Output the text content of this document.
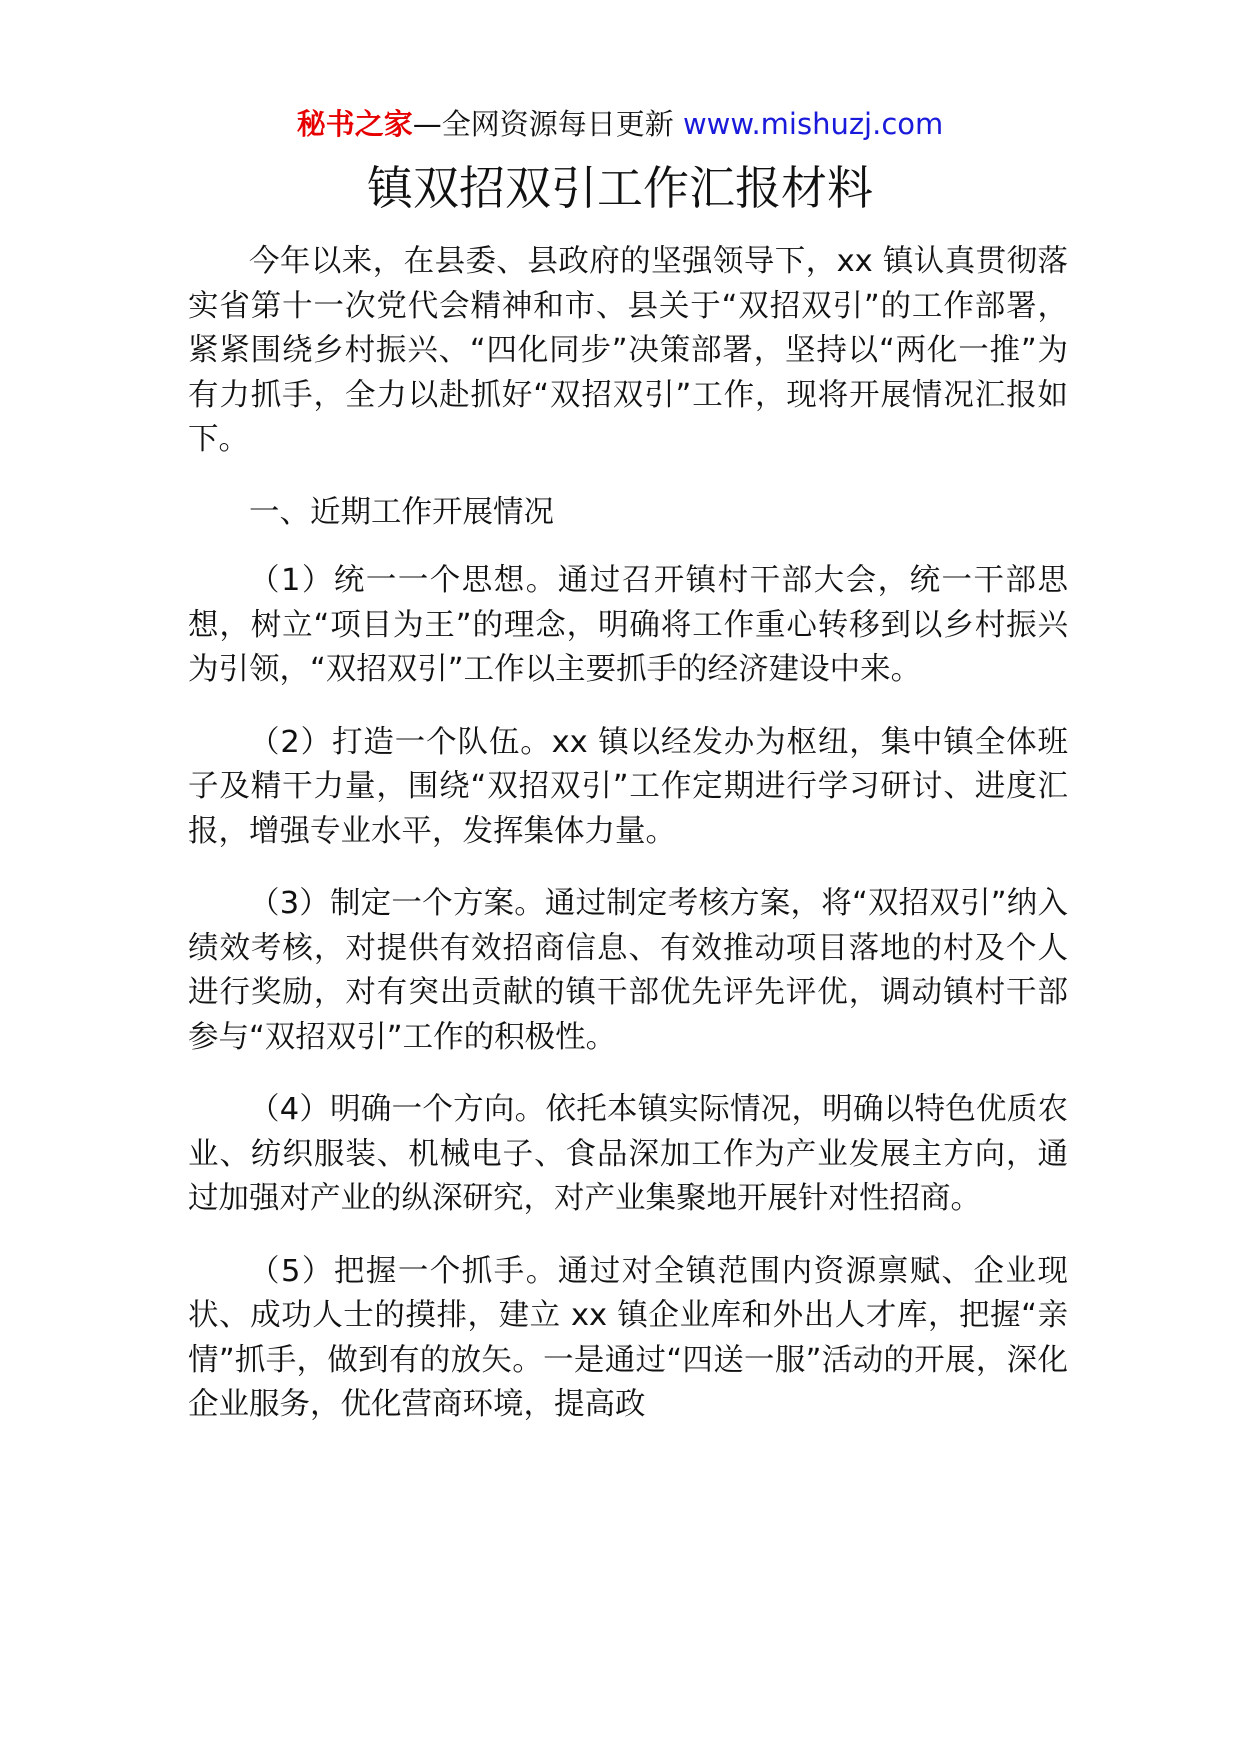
秘书之家—全网资源每日更新 www.mishuzj.com
镇双招双引工作汇报材料

今年以来，在县委、县政府的坚强领导下，xx 镇认真贯彻落实省第十一次党代会精神和市、县关于“双招双引”的工作部署，紧紧围绕乡村振兴、“四化同步”决策部署，坚持以“两化一推”为有力抓手，全力以赴抓好“双招双引”工作，现将开展情况汇报如下。

一、近期工作开展情况

（1）统一一个思想。通过召开镇村干部大会，统一干部思想，树立“项目为王”的理念，明确将工作重心转移到以乡村振兴为引领，“双招双引”工作以主要抓手的经济建设中来。

（2）打造一个队伍。xx 镇以经发办为枢纽，集中镇全体班子及精干力量，围绕“双招双引”工作定期进行学习研讨、进度汇报，增强专业水平，发挥集体力量。

（3）制定一个方案。通过制定考核方案，将“双招双引”纳入绩效考核，对提供有效招商信息、有效推动项目落地的村及个人进行奖励，对有突出贡献的镇干部优先评先评优，调动镇村干部参与“双招双引”工作的积极性。

（4）明确一个方向。依托本镇实际情况，明确以特色优质农业、纺织服装、机械电子、食品深加工作为产业发展主方向，通过加强对产业的纵深研究，对产业集聚地开展针对性招商。

（5）把握一个抓手。通过对全镇范围内资源禀赋、企业现状、成功人士的摸排，建立 xx 镇企业库和外出人才库，把握“亲情”抓手，做到有的放矢。一是通过“四送一服”活动的开展，深化企业服务，优化营商环境，提高政
